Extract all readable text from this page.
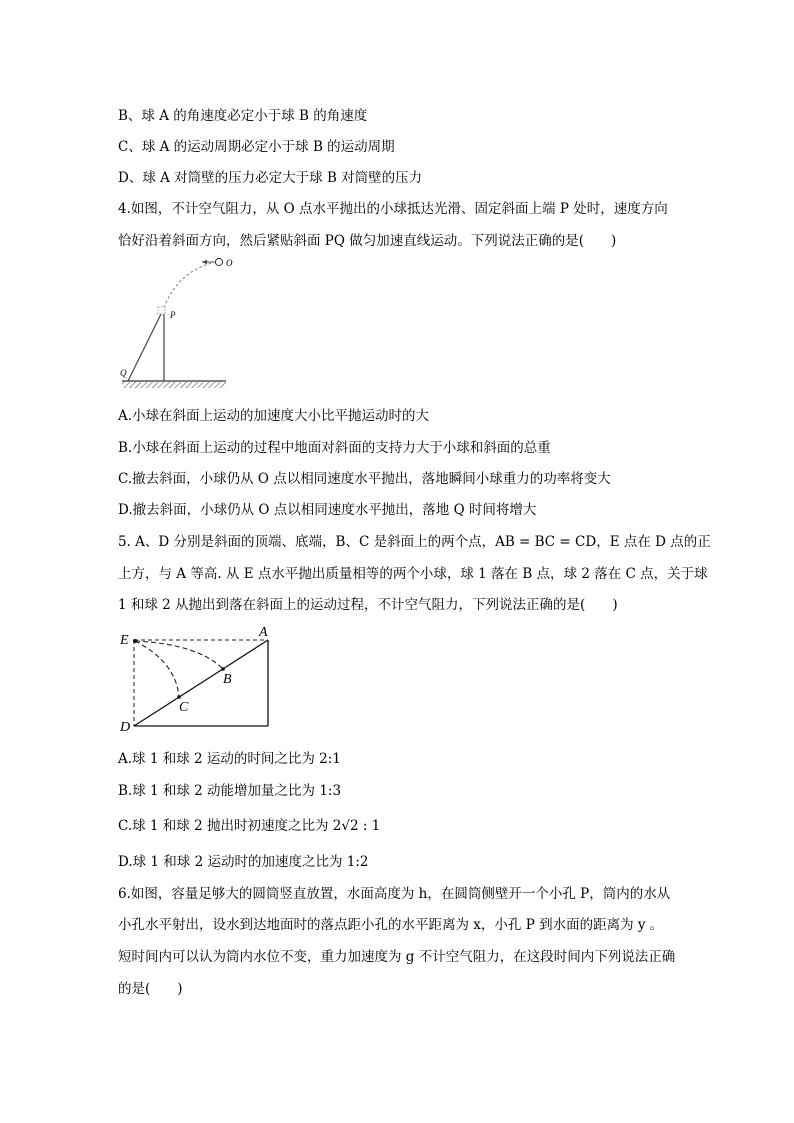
B、球 A 的角速度必定小于球 B 的角速度
C、球 A 的运动周期必定小于球 B 的运动周期
D、球 A 对筒壁的压力必定大于球 B 对筒壁的压力
4.如图，不计空气阻力，从 O 点水平抛出的小球抵达光滑、固定斜面上端 P 处时，速度方向
恰好沿着斜面方向，然后紧贴斜面 PQ 做匀加速直线运动。下列说法正确的是(　　)
O
P
Q
A.小球在斜面上运动的加速度大小比平抛运动时的大
B.小球在斜面上运动的过程中地面对斜面的支持力大于小球和斜面的总重
C.撤去斜面，小球仍从 O 点以相同速度水平抛出，落地瞬间小球重力的功率将变大
D.撤去斜面，小球仍从 O 点以相同速度水平抛出，落地 Q 时间将增大
5. A、D 分别是斜面的顶端、底端，B、C 是斜面上的两个点，AB = BC = CD，E 点在 D 点的正
上方，与 A 等高. 从 E 点水平抛出质量相等的两个小球，球 1 落在 B 点，球 2 落在 C 点，关于球
1 和球 2 从抛出到落在斜面上的运动过程，不计空气阻力，下列说法正确的是(　　)
E
A
B
C
D
A.球 1 和球 2 运动的时间之比为 2:1
B.球 1 和球 2 动能增加量之比为 1:3
C.球 1 和球 2 抛出时初速度之比为 2√2 : 1
D.球 1 和球 2 运动时的加速度之比为 1:2
6.如图，容量足够大的圆筒竖直放置，水面高度为 h，在圆筒侧壁开一个小孔 P，筒内的水从
小孔水平射出，设水到达地面时的落点距小孔的水平距离为 x，小孔 P 到水面的距离为 y 。
短时间内可以认为筒内水位不变，重力加速度为 g 不计空气阻力，在这段时间内下列说法正确
的是(　　)
